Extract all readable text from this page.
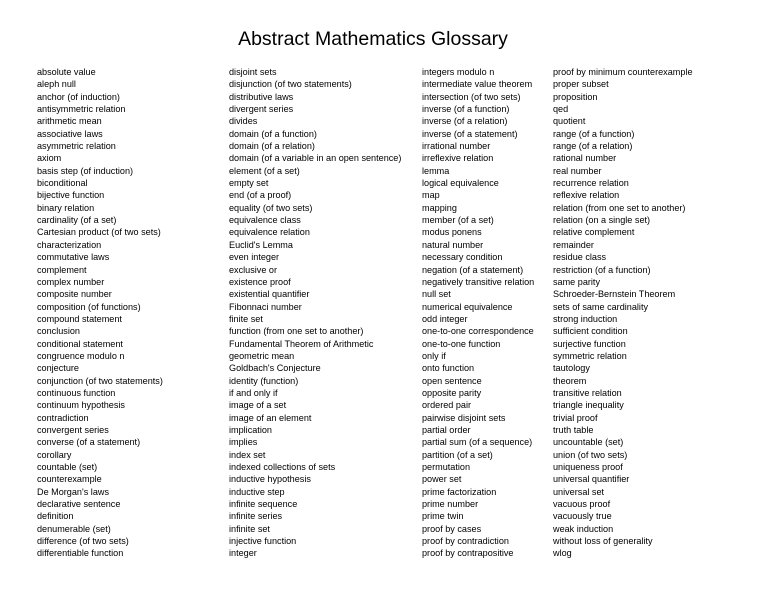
Abstract Mathematics Glossary
absolute value
aleph null
anchor (of induction)
antisymmetric relation
arithmetic mean
associative laws
asymmetric relation
axiom
basis step (of induction)
biconditional
bijective function
binary relation
cardinality (of a set)
Cartesian product (of two sets)
characterization
commutative laws
complement
complex number
composite number
composition (of functions)
compound statement
conclusion
conditional statement
congruence modulo n
conjecture
conjunction (of two statements)
continuous function
continuum hypothesis
contradiction
convergent series
converse (of a statement)
corollary
countable (set)
counterexample
De Morgan's laws
declarative sentence
definition
denumerable (set)
difference (of two sets)
differentiable function
disjoint sets
disjunction (of two statements)
distributive laws
divergent series
divides
domain (of a function)
domain (of a relation)
domain (of a variable in an open sentence)
element (of a set)
empty set
end (of a proof)
equality (of two sets)
equivalence class
equivalence relation
Euclid's Lemma
even integer
exclusive or
existence proof
existential quantifier
Fibonnaci number
finite set
function (from one set to another)
Fundamental Theorem of Arithmetic
geometric mean
Goldbach's Conjecture
identity (function)
if and only if
image of a set
image of an element
implication
implies
index set
indexed collections of sets
inductive hypothesis
inductive step
infinite sequence
infinite series
infinite set
injective function
integer
integers modulo n
intermediate value theorem
intersection (of two sets)
inverse (of a function)
inverse (of a relation)
inverse (of a statement)
irrational number
irreflexive relation
lemma
logical equivalence
map
mapping
member (of a set)
modus ponens
natural number
necessary condition
negation (of a statement)
negatively transitive relation
null set
numerical equivalence
odd integer
one-to-one correspondence
one-to-one function
only if
onto function
open sentence
opposite parity
ordered pair
pairwise disjoint sets
partial order
partial sum (of a sequence)
partition (of a set)
permutation
power set
prime factorization
prime number
prime twin
proof by cases
proof by contradiction
proof by contrapositive
proof by minimum counterexample
proper subset
proposition
qed
quotient
range (of a function)
range (of a relation)
rational number
real number
recurrence relation
reflexive relation
relation (from one set to another)
relation (on a single set)
relative complement
remainder
residue class
restriction (of a function)
same parity
Schroeder-Bernstein Theorem
sets of same cardinality
strong induction
sufficient condition
surjective function
symmetric relation
tautology
theorem
transitive relation
triangle inequality
trivial proof
truth table
uncountable (set)
union (of two sets)
uniqueness proof
universal quantifier
universal set
vacuous proof
vacuously true
weak induction
without loss of generality
wlog
